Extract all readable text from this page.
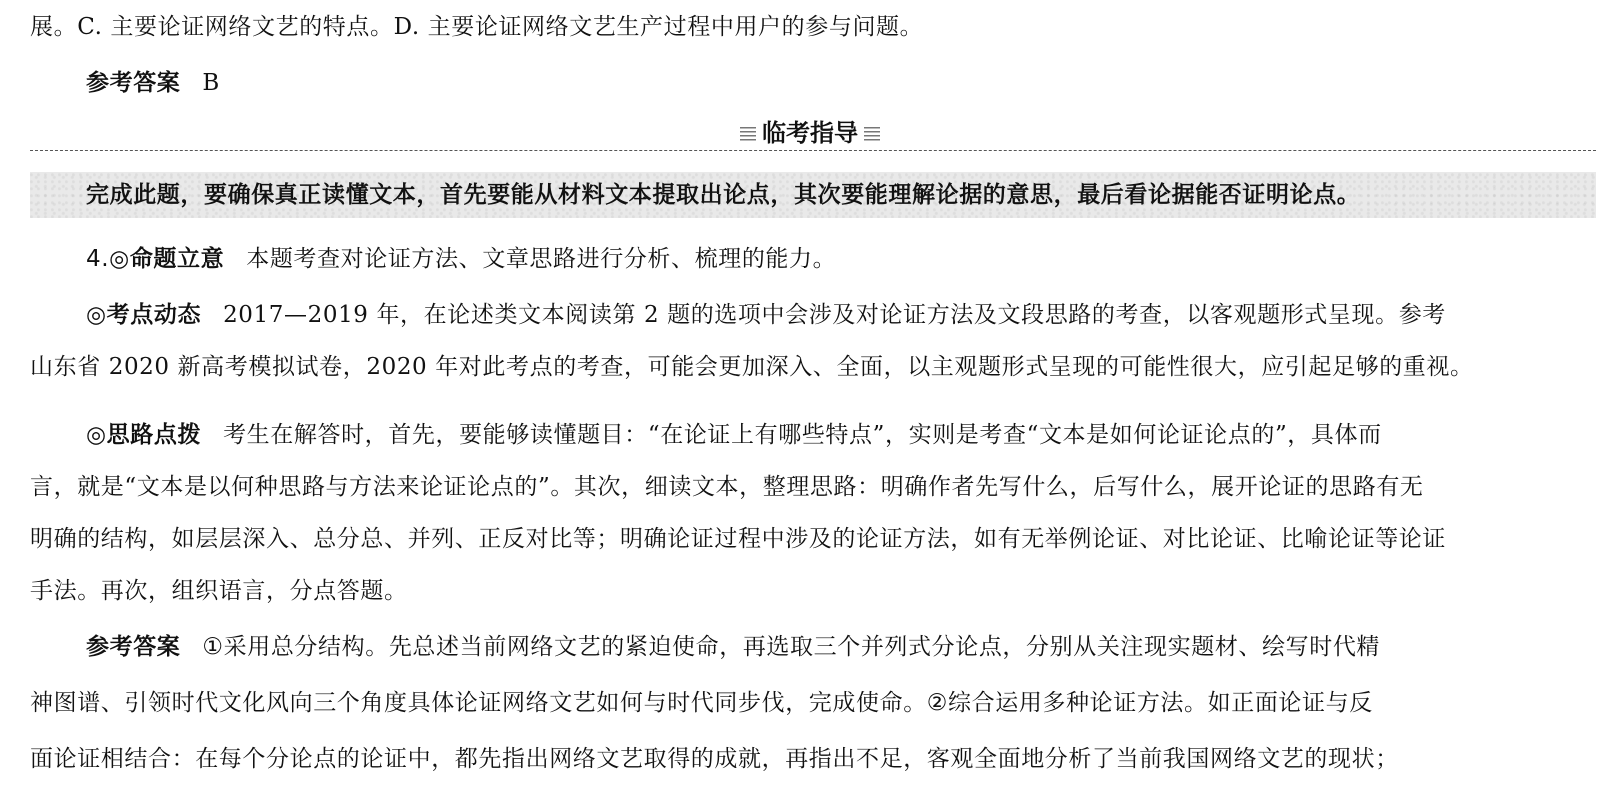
展。C. 主要论证网络文艺的特点。D. 主要论证网络文艺生产过程中用户的参与问题。
参考答案 B
临考指导
完成此题，要确保真正读懂文本，首先要能从材料文本提取出论点，其次要能理解论据的意思，最后看论据能否证明论点。
4.◎命题立意 本题考查对论证方法、文章思路进行分析、梳理的能力。
◎考点动态 2017—2019 年，在论述类文本阅读第 2 题的选项中会涉及对论证方法及文段思路的考查，以客观题形式呈现。参考
山东省 2020 新高考模拟试卷，2020 年对此考点的考查，可能会更加深入、全面，以主观题形式呈现的可能性很大，应引起足够的重视。
◎思路点拨 考生在解答时，首先，要能够读懂题目：“在论证上有哪些特点”，实则是考查“文本是如何论证论点的”，具体而
言，就是“文本是以何种思路与方法来论证论点的”。其次，细读文本，整理思路：明确作者先写什么，后写什么，展开论证的思路有无
明确的结构，如层层深入、总分总、并列、正反对比等；明确论证过程中涉及的论证方法，如有无举例论证、对比论证、比喻论证等论证
手法。再次，组织语言，分点答题。
参考答案 ①采用总分结构。先总述当前网络文艺的紧迫使命，再选取三个并列式分论点，分别从关注现实题材、绘写时代精
神图谱、引领时代文化风向三个角度具体论证网络文艺如何与时代同步伐，完成使命。②综合运用多种论证方法。如正面论证与反
面论证相结合：在每个分论点的论证中，都先指出网络文艺取得的成就，再指出不足，客观全面地分析了当前我国网络文艺的现状；
